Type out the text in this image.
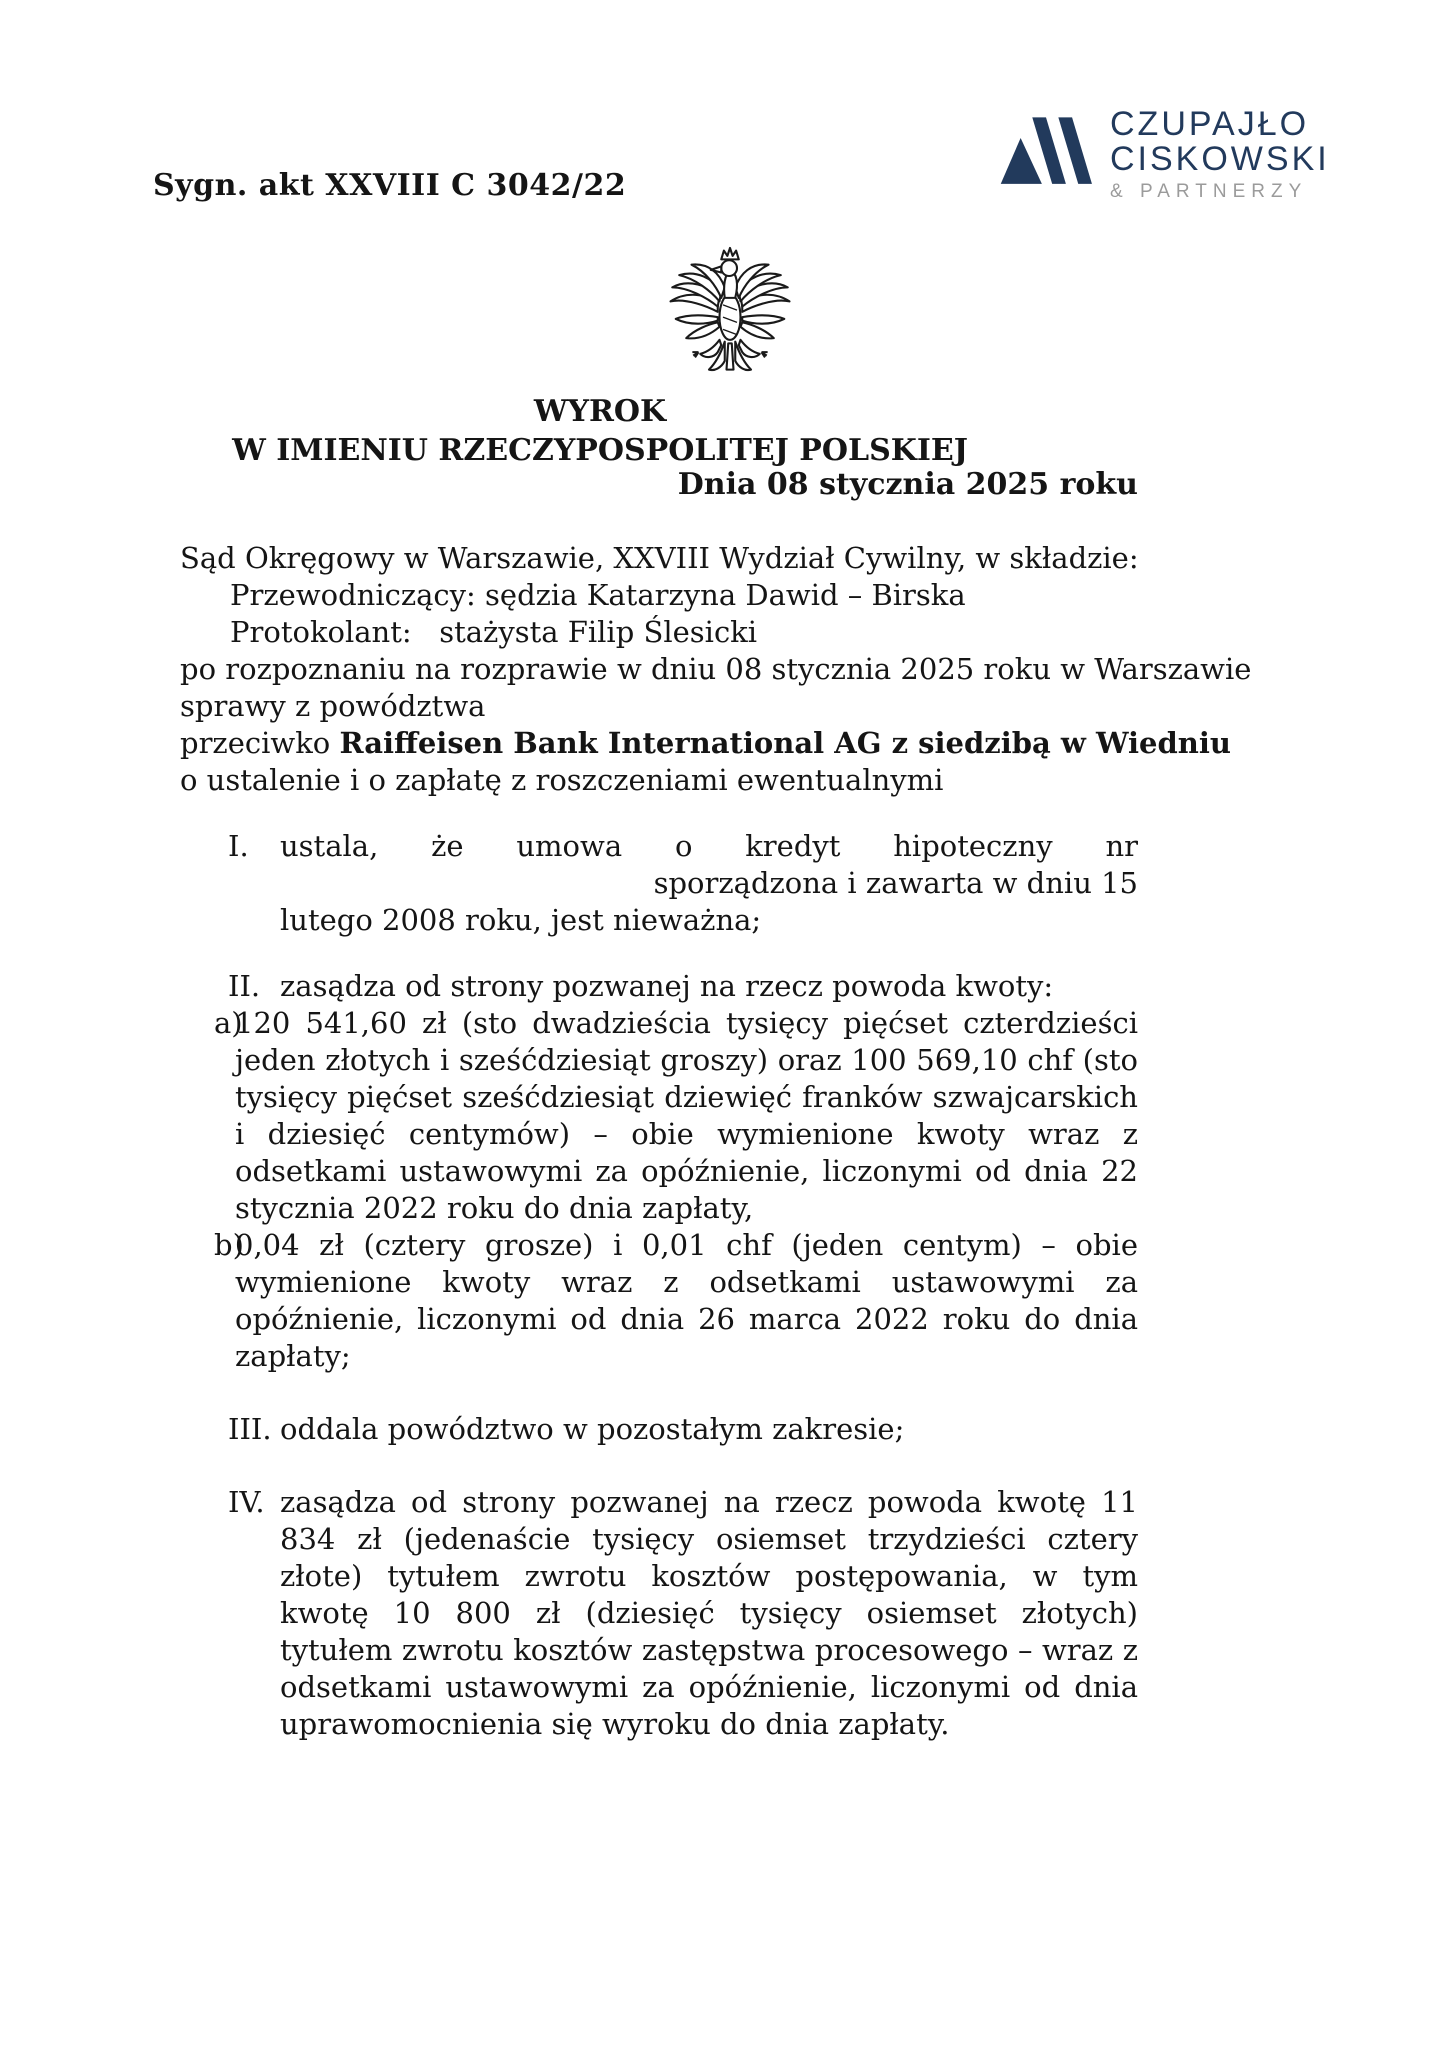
Sygn. akt XXVIII C 3042/22
CZUPAJŁO
CISKOWSKI
& PARTNERZY
WYROK
W IMIENIU RZECZYPOSPOLITEJ POLSKIEJ
Dnia 08 stycznia 2025 roku
Sąd Okręgowy w Warszawie, XXVIII Wydział Cywilny, w składzie:
Przewodniczący: sędzia Katarzyna Dawid – Birska
Protokolant: stażysta Filip Ślesicki
po rozpoznaniu na rozprawie w dniu 08 stycznia 2025 roku w Warszawie
sprawy z powództwa
przeciwko Raiffeisen Bank International AG z siedzibą w Wiedniu
o ustalenie i o zapłatę z roszczeniami ewentualnymi
I. ustala, że umowa o kredyt hipoteczny nr
sporządzona i zawarta w dniu 15
lutego 2008 roku, jest nieważna;
II. zasądza od strony pozwanej na rzecz powoda kwoty:
a)
120 541,60 zł (sto dwadzieścia tysięcy pięćset czterdzieści jeden złotych i sześćdziesiąt groszy) oraz 100 569,10 chf (sto tysięcy pięćset sześćdziesiąt dziewięć franków szwajcarskich i dziesięć centymów) – obie wymienione kwoty wraz z odsetkami ustawowymi za opóźnienie, liczonymi od dnia 22 stycznia 2022 roku do dnia zapłaty,
b)
0,04 zł (cztery grosze) i 0,01 chf (jeden centym) – obie wymienione kwoty wraz z odsetkami ustawowymi za opóźnienie, liczonymi od dnia 26 marca 2022 roku do dnia zapłaty;
III. oddala powództwo w pozostałym zakresie;
IV. zasądza od strony pozwanej na rzecz powoda kwotę 11 834 zł (jedenaście tysięcy osiemset trzydzieści cztery złote) tytułem zwrotu kosztów postępowania, w tym kwotę 10 800 zł (dziesięć tysięcy osiemset złotych) tytułem zwrotu kosztów zastępstwa procesowego – wraz z odsetkami ustawowymi za opóźnienie, liczonymi od dnia uprawomocnienia się wyroku do dnia zapłaty.
